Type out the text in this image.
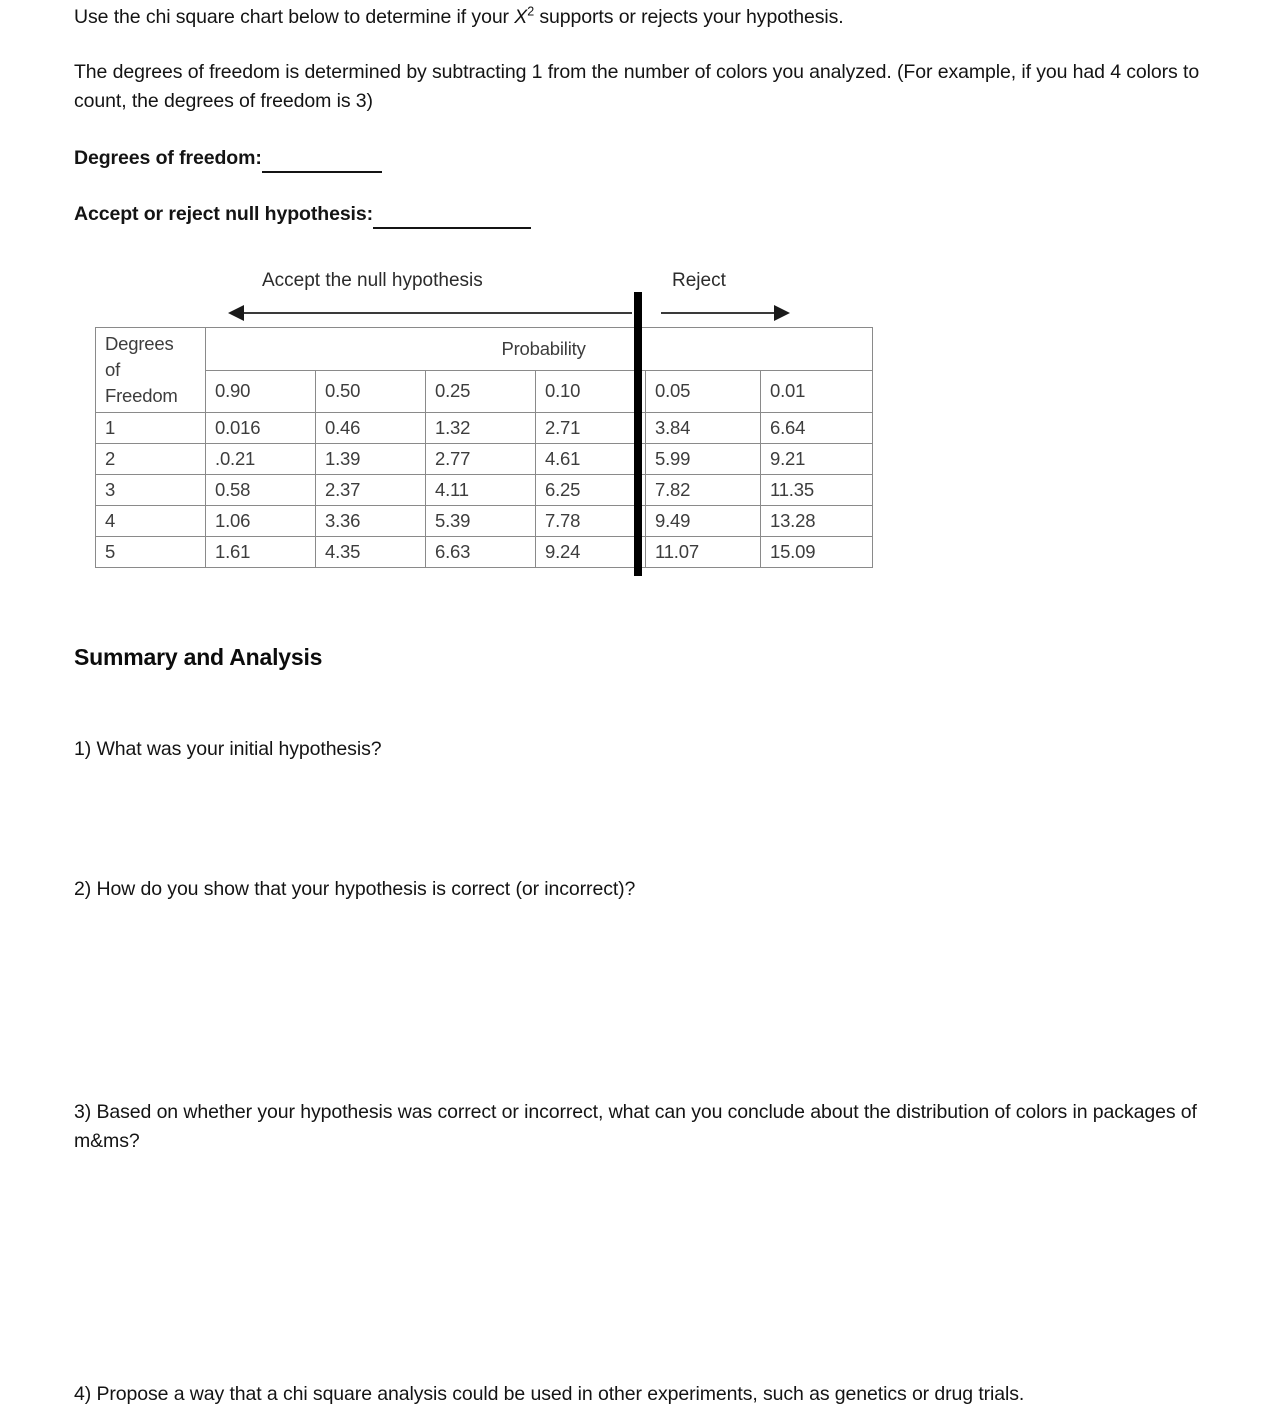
Use the chi square chart below to determine if your $X^2$ supports or rejects your hypothesis.
The degrees of freedom is determined by subtracting 1 from the number of colors you analyzed. (For example, if you had 4 colors to count, the degrees of freedom is 3)
Degrees of freedom:
Accept or reject null hypothesis:
Accept the null hypothesis	Reject
Degrees
of
Freedom	Probability					
	0.90	0.50	0.25	0.10	0.05	0.01
1	0.016	0.46	1.32	2.71	3.84	6.64
2	.0.21	1.39	2.77	4.61	5.99	9.21
3	0.58	2.37	4.11	6.25	7.82	11.35
4	1.06	3.36	5.39	7.78	9.49	13.28
5	1.61	4.35	6.63	9.24	11.07	15.09
Summary and Analysis
1) What was your initial hypothesis?
2) How do you show that your hypothesis is correct (or incorrect)?
3) Based on whether your hypothesis was correct or incorrect, what can you conclude about the distribution of colors in packages of m&ms?
4) Propose a way that a chi square analysis could be used in other experiments, such as genetics or drug trials.
